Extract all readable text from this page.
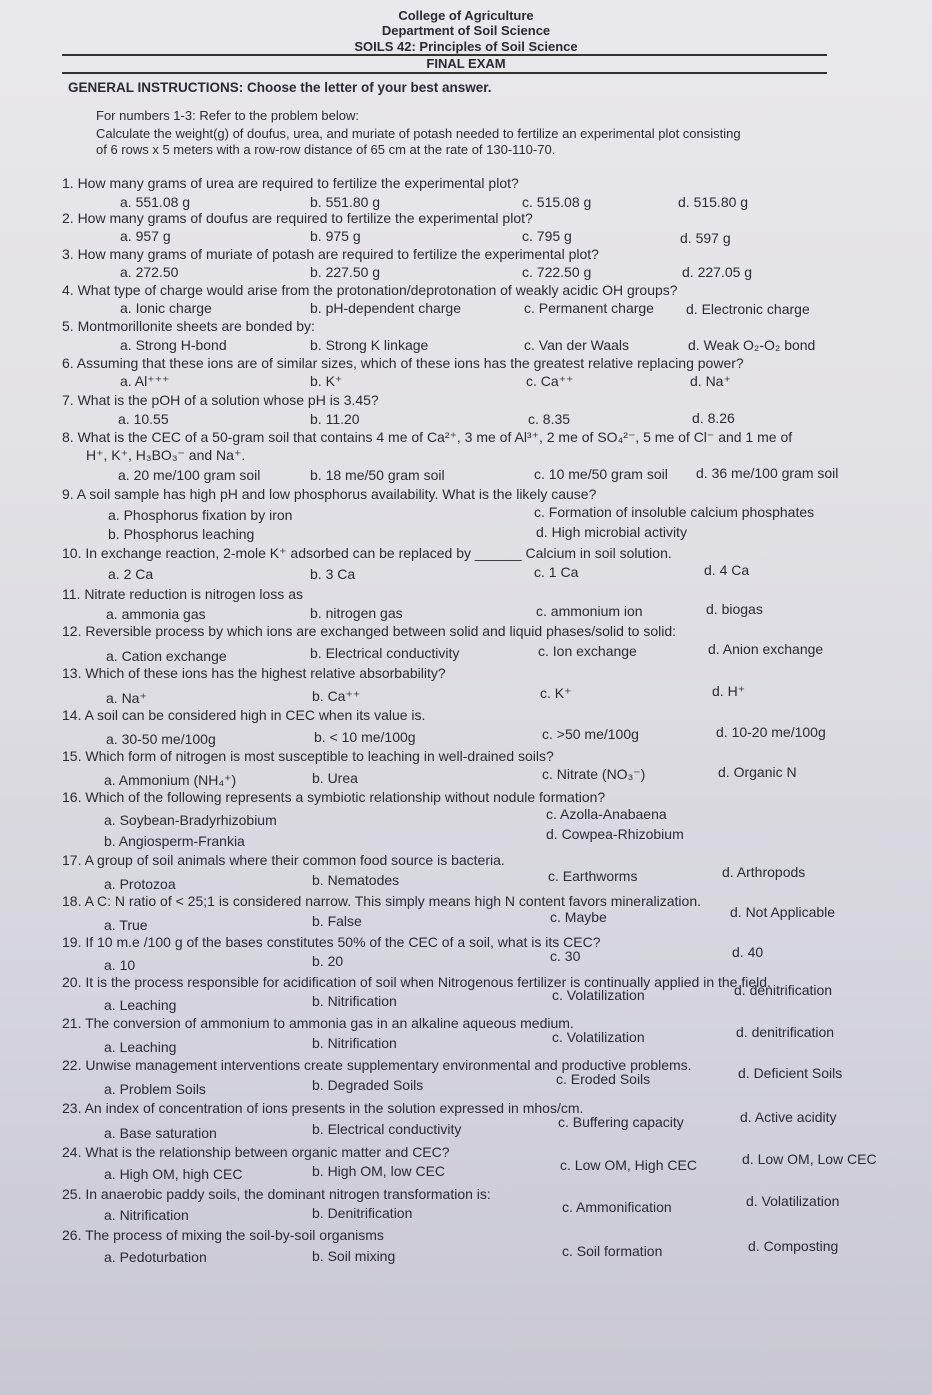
College of Agriculture
Department of Soil Science
SOILS 42: Principles of Soil Science
FINAL EXAM
GENERAL INSTRUCTIONS: Choose the letter of your best answer.
For numbers 1-3: Refer to the problem below:
Calculate the weight(g) of doufus, urea, and muriate of potash needed to fertilize an experimental plot consisting
of 6 rows x 5 meters with a row-row distance of 65 cm at the rate of 130-110-70.
1. How many grams of urea are required to fertilize the experimental plot?
a. 551.08 g	b. 551.80 g	c. 515.08 g	d. 515.80 g
2. How many grams of doufus are required to fertilize the experimental plot?
a. 957 g	b. 975 g	c. 795 g	d. 597 g
3. How many grams of muriate of potash are required to fertilize the experimental plot?
a. 272.50	b. 227.50 g	c. 722.50 g	d. 227.05 g
4. What type of charge would arise from the protonation/deprotonation of weakly acidic OH groups?
a. Ionic charge	b. pH-dependent charge	c. Permanent charge d. Electronic charge
5. Montmorillonite sheets are bonded by:
a. Strong H-bond	b. Strong K linkage	c. Van der Waals	d. Weak O₂-O₂ bond
6. Assuming that these ions are of similar sizes, which of these ions has the greatest relative replacing power?
a. Al⁺⁺⁺	b. K⁺	c. Ca⁺⁺	d. Na⁺
7. What is the pOH of a solution whose pH is 3.45?
a. 10.55	b. 11.20	c. 8.35	d. 8.26
8. What is the CEC of a 50-gram soil that contains 4 me of Ca²⁺, 3 me of Al³⁺, 2 me of SO₄²⁻, 5 me of Cl⁻ and 1 me of
H⁺, K⁺, H₃BO₃⁻ and Na⁺.
a. 20 me/100 gram soil	b. 18 me/50 gram soil	c. 10 me/50 gram soil d. 36 me/100 gram soil
9. A soil sample has high pH and low phosphorus availability. What is the likely cause?
a. Phosphorus fixation by iron	c. Formation of insoluble calcium phosphates
b. Phosphorus leaching	d. High microbial activity
10. In exchange reaction, 2-mole K⁺ adsorbed can be replaced by ______ Calcium in soil solution.
a. 2 Ca	b. 3 Ca	c. 1 Ca	d. 4 Ca
11. Nitrate reduction is nitrogen loss as
a. ammonia gas	b. nitrogen gas	c. ammonium ion	d. biogas
12. Reversible process by which ions are exchanged between solid and liquid phases/solid to solid:
a. Cation exchange	b. Electrical conductivity	c. Ion exchange	d. Anion exchange
13. Which of these ions has the highest relative absorbability?
a. Na⁺	b. Ca⁺⁺	c. K⁺	d. H⁺
14. A soil can be considered high in CEC when its value is.
a. 30-50 me/100g	b. < 10 me/100g	c. >50 me/100g	d. 10-20 me/100g
15. Which form of nitrogen is most susceptible to leaching in well-drained soils?
a. Ammonium (NH₄⁺)	b. Urea	c. Nitrate (NO₃⁻)	d. Organic N
16. Which of the following represents a symbiotic relationship without nodule formation?
a. Soybean-Bradyrhizobium	c. Azolla-Anabaena
b. Angiosperm-Frankia	d. Cowpea-Rhizobium
17. A group of soil animals where their common food source is bacteria.
a. Protozoa	b. Nematodes	c. Earthworms	d. Arthropods
18. A C: N ratio of < 25;1 is considered narrow. This simply means high N content favors mineralization.
a. True	b. False	c. Maybe	d. Not Applicable
19. If 10 m.e /100 g of the bases constitutes 50% of the CEC of a soil, what is its CEC?
a. 10	b. 20	c. 30	d. 40
20. It is the process responsible for acidification of soil when Nitrogenous fertilizer is continually applied in the field.
a. Leaching	b. Nitrification	c. Volatilization	d. denitrification
21. The conversion of ammonium to ammonia gas in an alkaline aqueous medium.
a. Leaching	b. Nitrification	c. Volatilization	d. denitrification
22. Unwise management interventions create supplementary environmental and productive problems.
a. Problem Soils	b. Degraded Soils	c. Eroded Soils	d. Deficient Soils
23. An index of concentration of ions presents in the solution expressed in mhos/cm.
a. Base saturation	b. Electrical conductivity	c. Buffering capacity	d. Active acidity
24. What is the relationship between organic matter and CEC?
a. High OM, high CEC	b. High OM, low CEC	c. Low OM, High CEC	d. Low OM, Low CEC
25. In anaerobic paddy soils, the dominant nitrogen transformation is:
a. Nitrification	b. Denitrification	c. Ammonification	d. Volatilization
26. The process of mixing the soil-by-soil organisms
a. Pedoturbation	b. Soil mixing	c. Soil formation	d. Composting
